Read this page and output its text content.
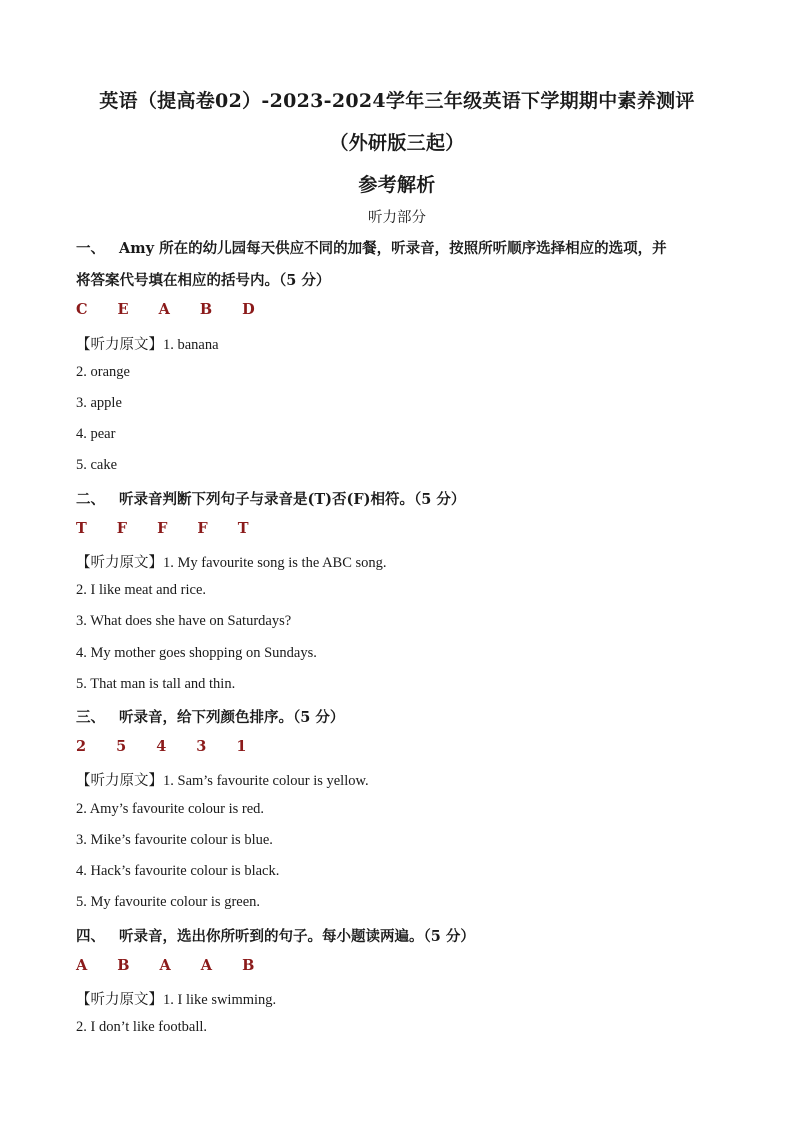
英语（提高卷02）-2023-2024学年三年级英语下学期期中素养测评
（外研版三起）
参考解析
听力部分
一、 Amy 所在的幼儿园每天供应不同的加餐，听录音，按照所听顺序选择相应的选项，并
将答案代号填在相应的括号内。（5 分）
C E A B D
【听力原文】1. banana
2. orange
3. apple
4. pear
5. cake
二、 听录音判断下列句子与录音是(T)否(F)相符。（5 分）
T F F F T
【听力原文】1. My favourite song is the ABC song.
2. I like meat and rice.
3. What does she have on Saturdays?
4. My mother goes shopping on Sundays.
5. That man is tall and thin.
三、 听录音，给下列颜色排序。（5 分）
2 5 4 3 1
【听力原文】1. Sam’s favourite colour is yellow.
2. Amy’s favourite colour is red.
3. Mike’s favourite colour is blue.
4. Hack’s favourite colour is black.
5. My favourite colour is green.
四、 听录音，选出你所听到的句子。每小题读两遍。（5 分）
A B A A B
【听力原文】1. I like swimming.
2. I don’t like football.
